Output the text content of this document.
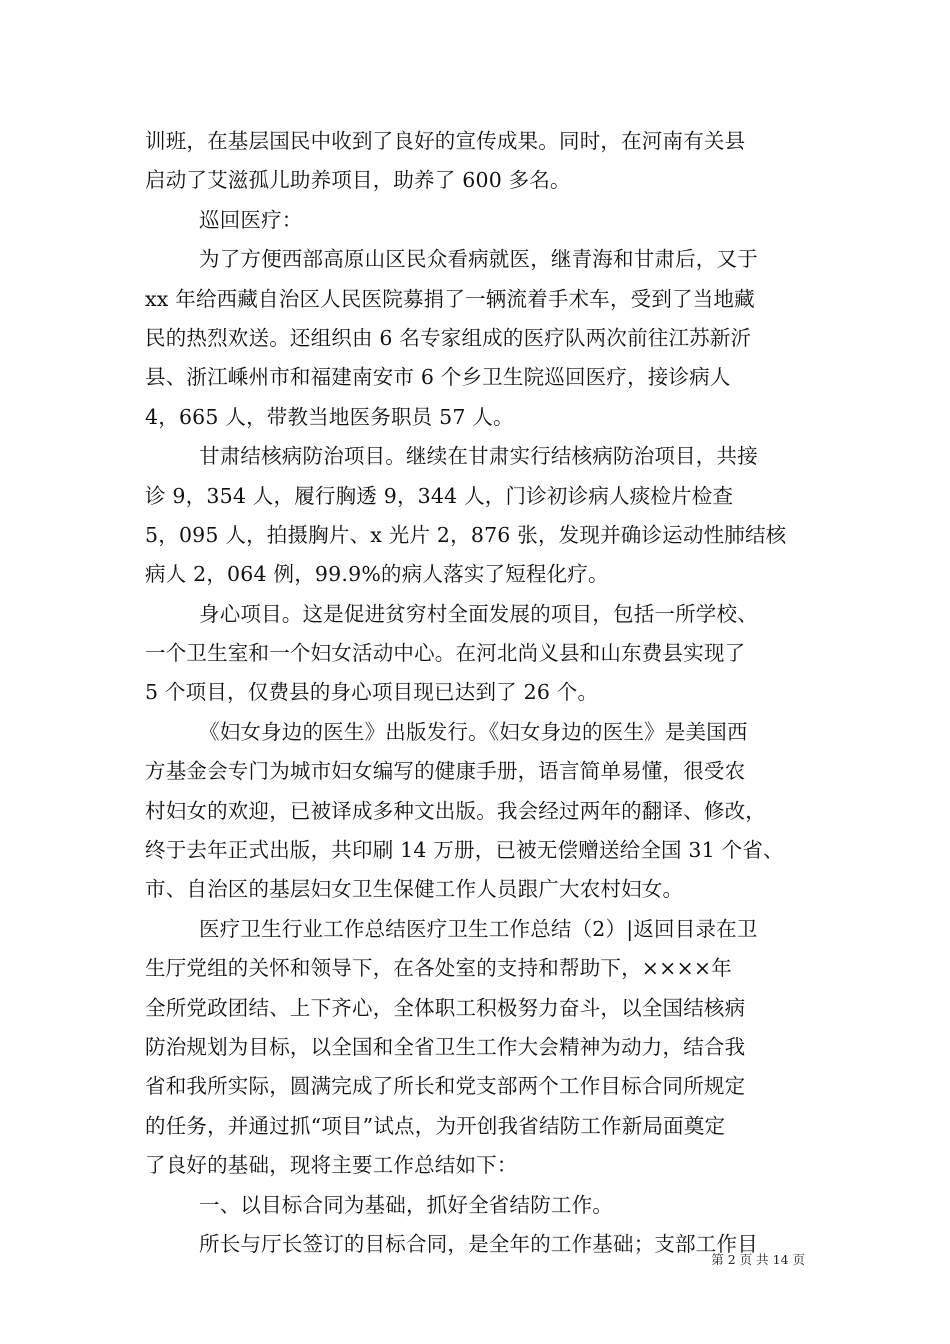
训班，在基层国民中收到了良好的宣传成果。同时，在河南有关县
启动了艾滋孤儿助养项目，助养了 600 多名。
巡回医疗：
为了方便西部高原山区民众看病就医，继青海和甘肃后，又于
xx 年给西藏自治区人民医院募捐了一辆流着手术车，受到了当地藏
民的热烈欢送。还组织由 6 名专家组成的医疗队两次前往江苏新沂
县、浙江嵊州市和福建南安市 6 个乡卫生院巡回医疗，接诊病人
4，665 人，带教当地医务职员 57 人。
甘肃结核病防治项目。继续在甘肃实行结核病防治项目，共接
诊 9，354 人，履行胸透 9，344 人，门诊初诊病人痰检片检查
5，095 人，拍摄胸片、x 光片 2，876 张，发现并确诊运动性肺结核
病人 2，064 例，99.9%的病人落实了短程化疗。
身心项目。这是促进贫穷村全面发展的项目，包括一所学校、
一个卫生室和一个妇女活动中心。在河北尚义县和山东费县实现了
5 个项目，仅费县的身心项目现已达到了 26 个。
《妇女身边的医生》出版发行。《妇女身边的医生》是美国西
方基金会专门为城市妇女编写的健康手册，语言简单易懂，很受农
村妇女的欢迎，已被译成多种文出版。我会经过两年的翻译、修改，
终于去年正式出版，共印刷 14 万册，已被无偿赠送给全国 31 个省、
市、自治区的基层妇女卫生保健工作人员跟广大农村妇女。
医疗卫生行业工作总结医疗卫生工作总结（2）|返回目录在卫
生厅党组的关怀和领导下，在各处室的支持和帮助下，××××年
全所党政团结、上下齐心，全体职工积极努力奋斗，以全国结核病
防治规划为目标，以全国和全省卫生工作大会精神为动力，结合我
省和我所实际，圆满完成了所长和党支部两个工作目标合同所规定
的任务，并通过抓“项目”试点，为开创我省结防工作新局面奠定
了良好的基础，现将主要工作总结如下：
一、以目标合同为基础，抓好全省结防工作。
所长与厅长签订的目标合同，是全年的工作基础；支部工作目
第 2 页 共 14 页
